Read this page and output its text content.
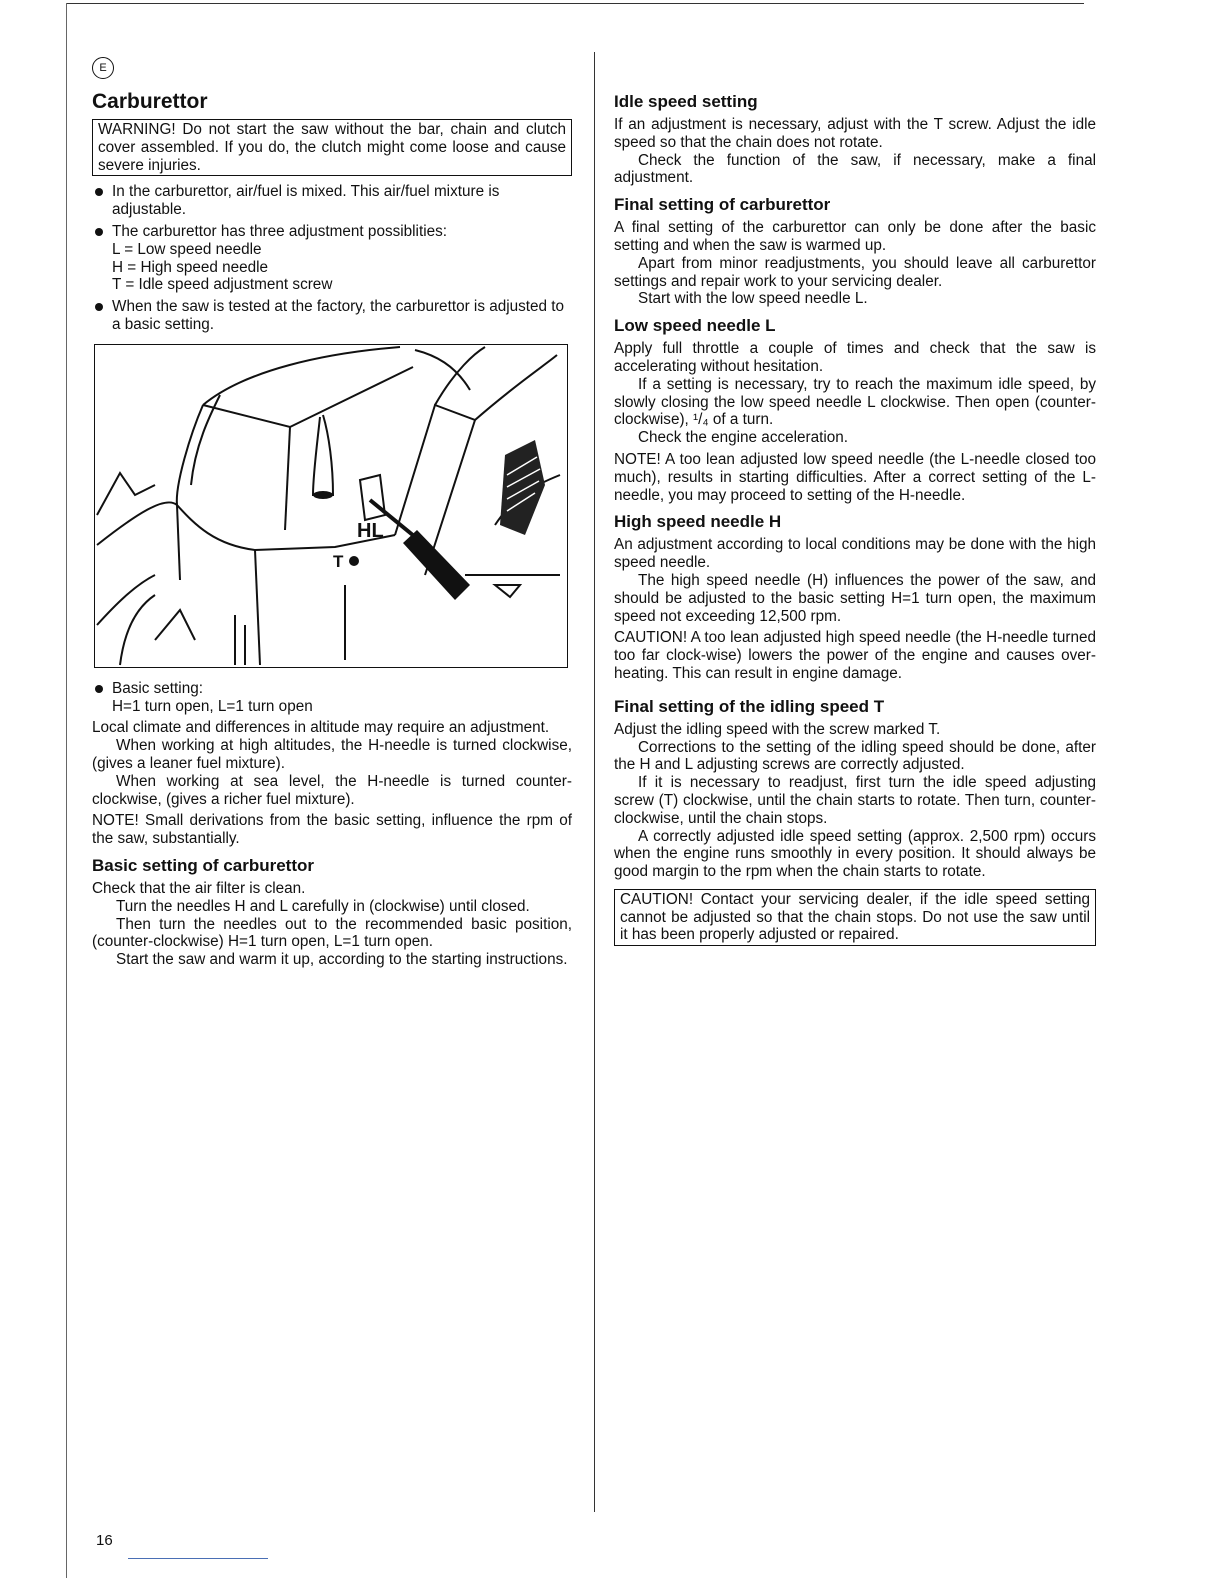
E
Carburettor
WARNING! Do not start the saw without the bar, chain and clutch cover assembled. If you do, the clutch might come loose and cause severe injuries.
In the carburettor, air/fuel is mixed. This air/fuel mixture is adjustable.
The carburettor has three adjustment possiblities:
L = Low speed needle
H = High speed needle
T = Idle speed adjustment screw
When the saw is tested at the factory, the carburettor is adjusted to a basic setting.
HL
T
Basic setting:
H=1 turn open, L=1 turn open

Local climate and differences in altitude may require an adjustment.

When working at high altitudes, the H-needle is turned clockwise, (gives a leaner fuel mixture).

When working at sea level, the H-needle is turned counter-clockwise, (gives a richer fuel mixture).

NOTE! Small derivations from the basic setting, influence the rpm of the saw, substantially.

Basic setting of carburettor

Check that the air filter is clean.

Turn the needles H and L carefully in (clockwise) until closed.

Then turn the needles out to the recommended basic position, (counter-clockwise) H=1 turn open, L=1 turn open.

Start the saw and warm it up, according to the starting instructions.

Idle speed setting

If an adjustment is necessary, adjust with the T screw. Adjust the idle speed so that the chain does not rotate.

Check the function of the saw, if necessary, make a final adjustment.

Final setting of carburettor

A final setting of the carburettor can only be done after the basic setting and when the saw is warmed up.

Apart from minor readjustments, you should leave all carburettor settings and repair work to your servicing dealer.

Start with the low speed needle L.

Low speed needle L

Apply full throttle a couple of times and check that the saw is accelerating without hesitation.

If a setting is necessary, try to reach the maximum idle speed, by slowly closing the low speed needle L clockwise. Then open (counter-clockwise), ¹/₄ of a turn.

Check the engine acceleration.

NOTE! A too lean adjusted low speed needle (the L-needle closed too much), results in starting difficulties. After a correct setting of the L-needle, you may proceed to setting of the H-needle.

High speed needle H

An adjustment according to local conditions may be done with the high speed needle.

The high speed needle (H) influences the power of the saw, and should be adjusted to the basic setting H=1 turn open, the maximum speed not exceeding 12,500 rpm.

CAUTION! A too lean adjusted high speed needle (the H-needle turned too far clock-wise) lowers the power of the engine and causes over-heating. This can result in engine damage.

Final setting of the idling speed T

Adjust the idling speed with the screw marked T.

Corrections to the setting of the idling speed should be done, after the H and L adjusting screws are correctly adjusted.

If it is necessary to readjust, first turn the idle speed adjusting screw (T) clockwise, until the chain starts to rotate. Then turn, counter-clockwise, until the chain stops.

A correctly adjusted idle speed setting (approx. 2,500 rpm) occurs when the engine runs smoothly in every position. It should always be good margin to the rpm when the chain starts to rotate.

CAUTION! Contact your servicing dealer, if the idle speed setting cannot be adjusted so that the chain stops. Do not use the saw until it has been properly adjusted or repaired.
16
